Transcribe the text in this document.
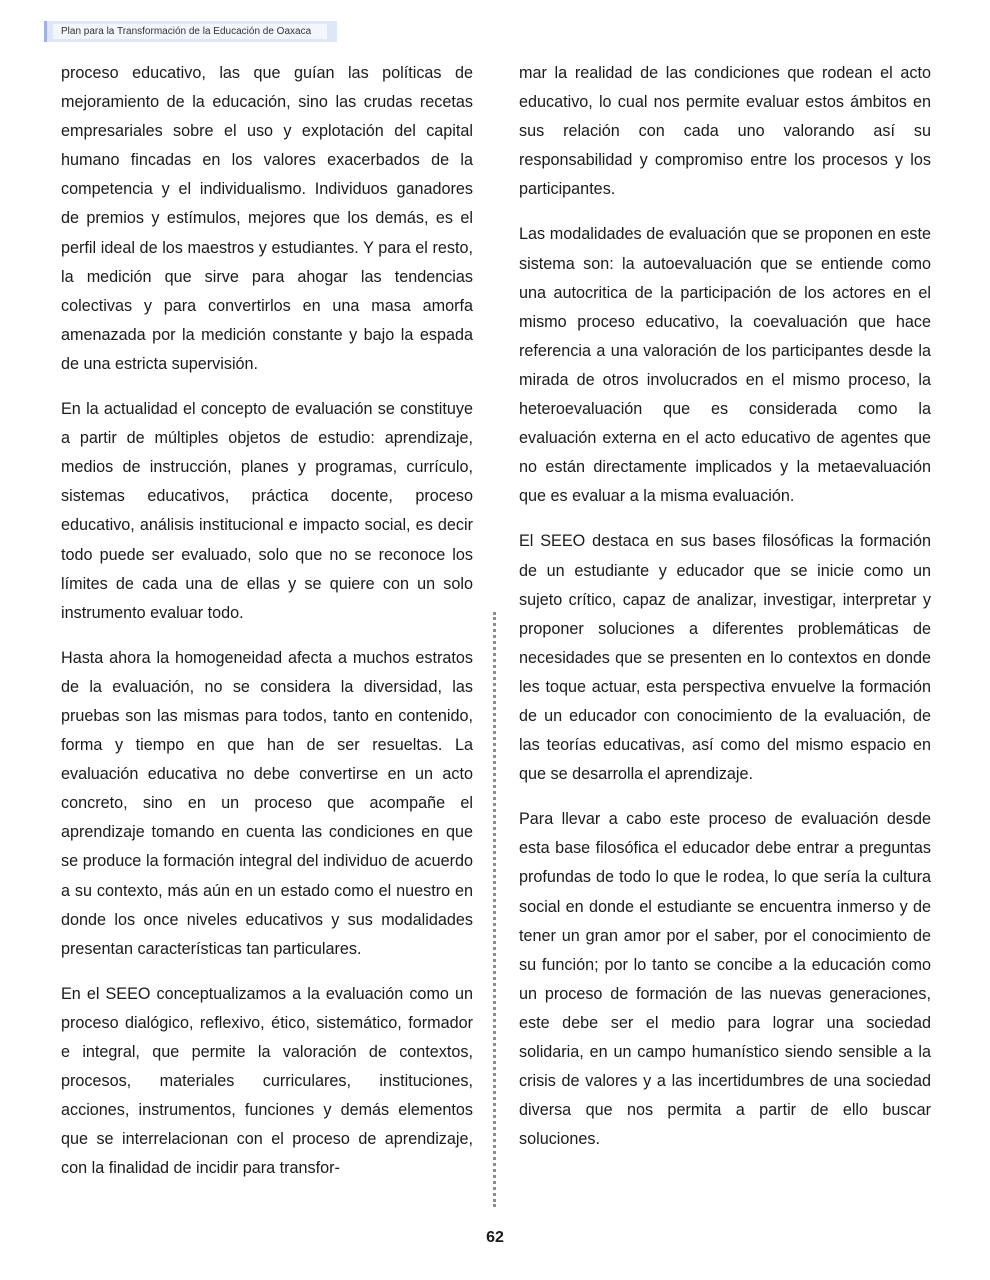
Plan para la Transformación de la Educación de Oaxaca

proceso educativo, las que guían las políticas de mejoramiento de la educación, sino las crudas recetas empresariales sobre el uso y explotación del capital humano fincadas en los valores exacerbados de la competencia y el individualismo. Individuos ganadores de premios y estímulos, mejores que los demás, es el perfil ideal de los maestros y estudiantes. Y para el resto, la medición que sirve para ahogar las tendencias colectivas y para convertirlos en una masa amorfa amenazada por la medición constante y bajo la espada de una estricta supervisión.

En la actualidad el concepto de evaluación se constituye a partir de múltiples objetos de estudio: aprendizaje, medios de instrucción, planes y programas, currículo, sistemas educativos, práctica docente, proceso educativo, análisis institucional e impacto social, es decir todo puede ser evaluado, solo que no se reconoce los límites de cada una de ellas y se quiere con un solo instrumento evaluar todo.

Hasta ahora la homogeneidad afecta a muchos estratos de la evaluación, no se considera la diversidad, las pruebas son las mismas para todos, tanto en contenido, forma y tiempo en que han de ser resueltas. La evaluación educativa no debe convertirse en un acto concreto, sino en un proceso que acompañe el aprendizaje tomando en cuenta las condiciones en que se produce la formación integral del individuo de acuerdo a su contexto, más aún en un estado como el nuestro en donde los once niveles educativos y sus modalidades presentan características tan particulares.

En el SEEO conceptualizamos a la evaluación como un proceso dialógico, reflexivo, ético, sistemático, formador e integral, que permite la valoración de contextos, procesos, materiales curriculares, instituciones, acciones, instrumentos, funciones y demás elementos que se interrelacionan con el proceso de aprendizaje, con la finalidad de incidir para transfor-

mar la realidad de las condiciones que rodean el acto educativo, lo cual nos permite evaluar estos ámbitos en sus relación con cada uno valorando así su responsabilidad y compromiso entre los procesos y los participantes.

Las modalidades de evaluación que se proponen en este sistema son: la autoevaluación que se entiende como una autocritica de la participación de los actores en el mismo proceso educativo, la coevaluación que hace referencia a una valoración de los participantes desde la mirada de otros involucrados en el mismo proceso, la heteroevaluación que es considerada como la evaluación externa en el acto educativo de agentes que no están directamente implicados y la metaevaluación que es evaluar a la misma evaluación.

El SEEO destaca en sus bases filosóficas la formación de un estudiante y educador que se inicie como un sujeto crítico, capaz de analizar, investigar, interpretar y proponer soluciones a diferentes problemáticas de necesidades que se presenten en lo contextos en donde les toque actuar, esta perspectiva envuelve la formación de un educador con conocimiento de la evaluación, de las teorías educativas, así como del mismo espacio en que se desarrolla el aprendizaje.

Para llevar a cabo este proceso de evaluación desde esta base filosófica el educador debe entrar a preguntas profundas de todo lo que le rodea, lo que sería la cultura social en donde el estudiante se encuentra inmerso y de tener un gran amor por el saber, por el conocimiento de su función; por lo tanto se concibe a la educación como un proceso de formación de las nuevas generaciones, este debe ser el medio para lograr una sociedad solidaria, en un campo humanístico siendo sensible a la crisis de valores y a las incertidumbres de una sociedad diversa que nos permita a partir de ello buscar soluciones.

62
